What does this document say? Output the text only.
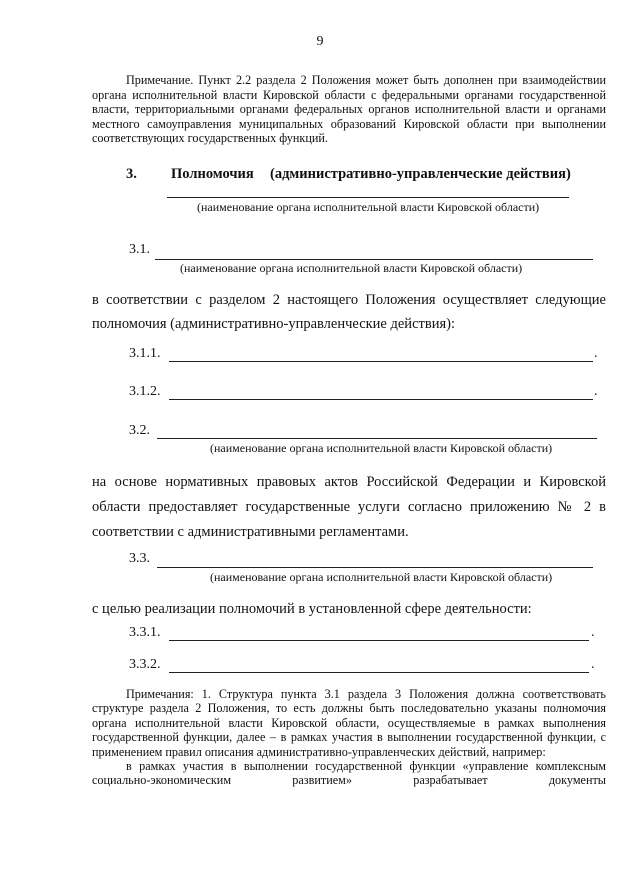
9
Примечание. Пункт 2.2 раздела 2 Положения может быть дополнен при взаимодействии органа исполнительной власти Кировской области с федеральными органами государственной власти, территориальными органами федеральных органов исполнительной власти и органами местного самоуправления муниципальных образований Кировской области при выполнении соответствующих государственных функций.
3. Полномочия (административно-управленческие действия)
(наименование органа исполнительной власти Кировской области)
3.1.
(наименование органа исполнительной власти Кировской области)
в соответствии с разделом 2 настоящего Положения осуществляет следующие
полномочия (административно-управленческие действия):
3.1.1.	.
3.1.2.	.
3.2.
(наименование органа исполнительной власти Кировской области)
на основе нормативных правовых актов Российской Федерации и Кировской
области предоставляет государственные услуги согласно приложению № 2 в
соответствии с административными регламентами.
3.3.
(наименование органа исполнительной власти Кировской области)
с целью реализации полномочий в установленной сфере деятельности:
3.3.1.	.
3.3.2.	.
Примечания: 1. Структура пункта 3.1 раздела 3 Положения должна соответствовать структуре раздела 2 Положения, то есть должны быть последовательно указаны полномочия органа исполнительной власти Кировской области, осуществляемые в рамках выполнения государственной функции, далее – в рамках участия в выполнении государственной функции, с применением правил описания административно-управленческих действий, например:
в рамках участия в выполнении государственной функции «управление комплексным социально-экономическим развитием» разрабатывает документы
